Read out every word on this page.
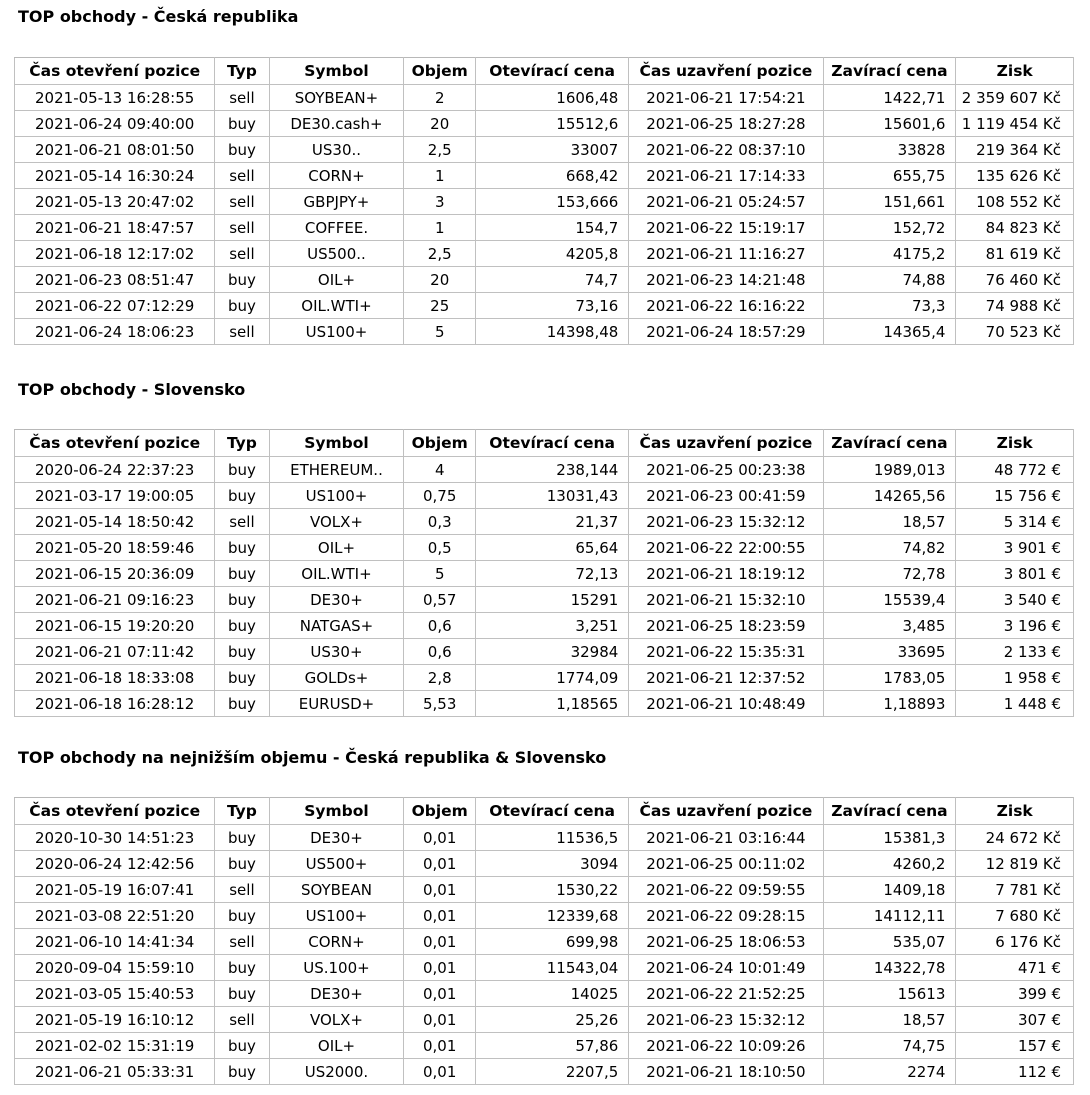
TOP obchody - Česká republika
Čas otevření pozice	Typ	Symbol	Objem	Otevírací cena	Čas uzavření pozice	Zavírací cena	Zisk
2021-05-13 16:28:55	sell	SOYBEAN+	2	1606,48	2021-06-21 17:54:21	1422,71	2 359 607 Kč
2021-06-24 09:40:00	buy	DE30.cash+	20	15512,6	2021-06-25 18:27:28	15601,6	1 119 454 Kč
2021-06-21 08:01:50	buy	US30..	2,5	33007	2021-06-22 08:37:10	33828	219 364 Kč
2021-05-14 16:30:24	sell	CORN+	1	668,42	2021-06-21 17:14:33	655,75	135 626 Kč
2021-05-13 20:47:02	sell	GBPJPY+	3	153,666	2021-06-21 05:24:57	151,661	108 552 Kč
2021-06-21 18:47:57	sell	COFFEE.	1	154,7	2021-06-22 15:19:17	152,72	84 823 Kč
2021-06-18 12:17:02	sell	US500..	2,5	4205,8	2021-06-21 11:16:27	4175,2	81 619 Kč
2021-06-23 08:51:47	buy	OIL+	20	74,7	2021-06-23 14:21:48	74,88	76 460 Kč
2021-06-22 07:12:29	buy	OIL.WTI+	25	73,16	2021-06-22 16:16:22	73,3	74 988 Kč
2021-06-24 18:06:23	sell	US100+	5	14398,48	2021-06-24 18:57:29	14365,4	70 523 Kč
TOP obchody - Slovensko
Čas otevření pozice	Typ	Symbol	Objem	Otevírací cena	Čas uzavření pozice	Zavírací cena	Zisk
2020-06-24 22:37:23	buy	ETHEREUM..	4	238,144	2021-06-25 00:23:38	1989,013	48 772 €
2021-03-17 19:00:05	buy	US100+	0,75	13031,43	2021-06-23 00:41:59	14265,56	15 756 €
2021-05-14 18:50:42	sell	VOLX+	0,3	21,37	2021-06-23 15:32:12	18,57	5 314 €
2021-05-20 18:59:46	buy	OIL+	0,5	65,64	2021-06-22 22:00:55	74,82	3 901 €
2021-06-15 20:36:09	buy	OIL.WTI+	5	72,13	2021-06-21 18:19:12	72,78	3 801 €
2021-06-21 09:16:23	buy	DE30+	0,57	15291	2021-06-21 15:32:10	15539,4	3 540 €
2021-06-15 19:20:20	buy	NATGAS+	0,6	3,251	2021-06-25 18:23:59	3,485	3 196 €
2021-06-21 07:11:42	buy	US30+	0,6	32984	2021-06-22 15:35:31	33695	2 133 €
2021-06-18 18:33:08	buy	GOLDs+	2,8	1774,09	2021-06-21 12:37:52	1783,05	1 958 €
2021-06-18 16:28:12	buy	EURUSD+	5,53	1,18565	2021-06-21 10:48:49	1,18893	1 448 €
TOP obchody na nejnižším objemu - Česká republika & Slovensko
Čas otevření pozice	Typ	Symbol	Objem	Otevírací cena	Čas uzavření pozice	Zavírací cena	Zisk
2020-10-30 14:51:23	buy	DE30+	0,01	11536,5	2021-06-21 03:16:44	15381,3	24 672 Kč
2020-06-24 12:42:56	buy	US500+	0,01	3094	2021-06-25 00:11:02	4260,2	12 819 Kč
2021-05-19 16:07:41	sell	SOYBEAN	0,01	1530,22	2021-06-22 09:59:55	1409,18	7 781 Kč
2021-03-08 22:51:20	buy	US100+	0,01	12339,68	2021-06-22 09:28:15	14112,11	7 680 Kč
2021-06-10 14:41:34	sell	CORN+	0,01	699,98	2021-06-25 18:06:53	535,07	6 176 Kč
2020-09-04 15:59:10	buy	US.100+	0,01	11543,04	2021-06-24 10:01:49	14322,78	471 €
2021-03-05 15:40:53	buy	DE30+	0,01	14025	2021-06-22 21:52:25	15613	399 €
2021-05-19 16:10:12	sell	VOLX+	0,01	25,26	2021-06-23 15:32:12	18,57	307 €
2021-02-02 15:31:19	buy	OIL+	0,01	57,86	2021-06-22 10:09:26	74,75	157 €
2021-06-21 05:33:31	buy	US2000.	0,01	2207,5	2021-06-21 18:10:50	2274	112 €
